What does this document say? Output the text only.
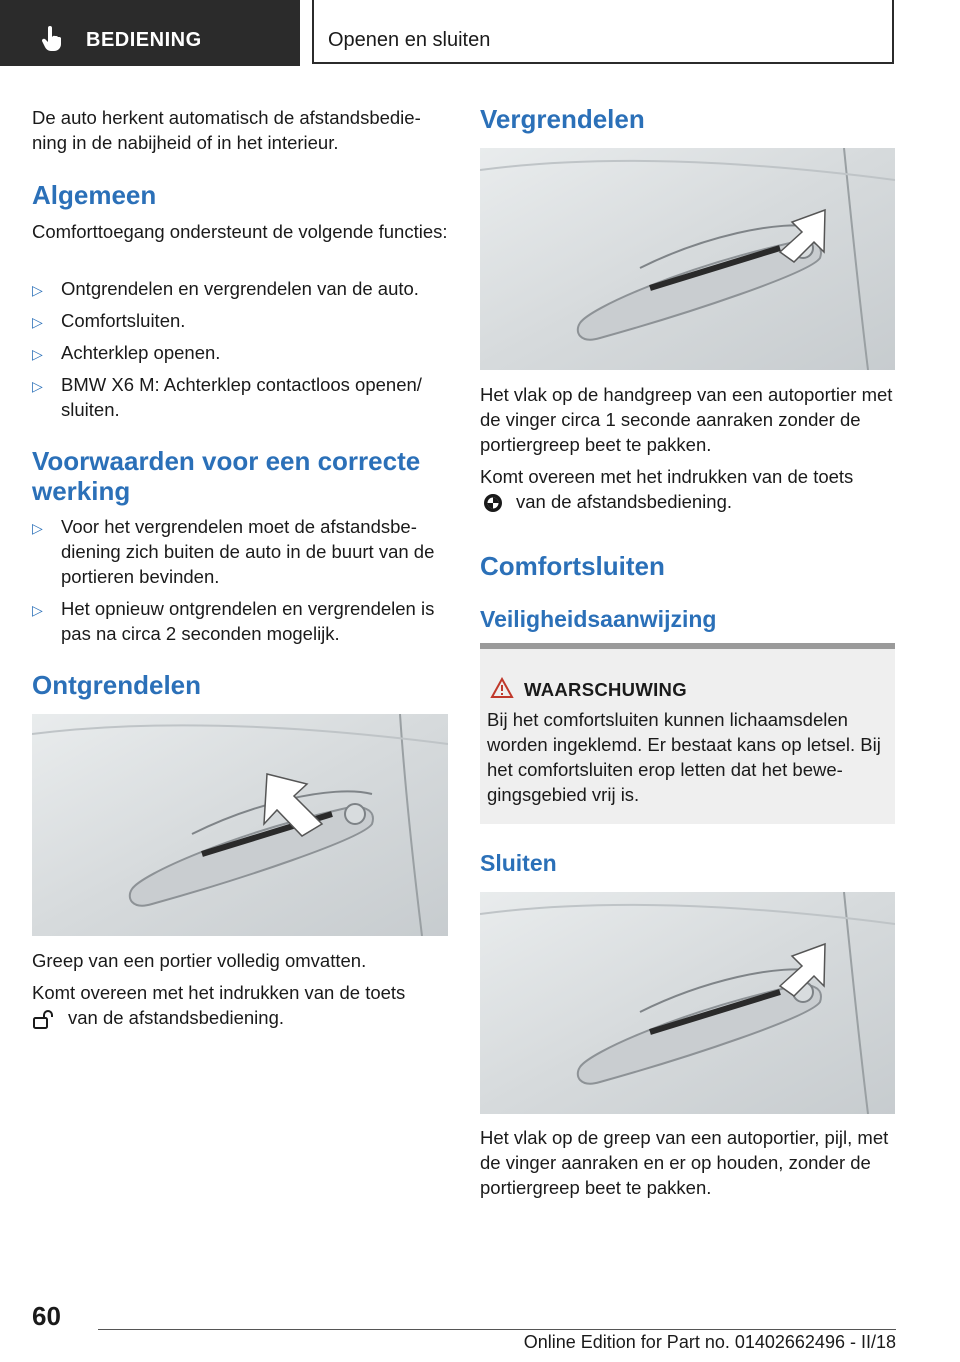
BEDIENING	Openen en sluiten

De auto herkent automatisch de afstandsbediening in de nabijheid of in het interieur.

Algemeen

Comforttoegang ondersteunt de volgende functies:

▷ Ontgrendelen en vergrendelen van de auto.
▷ Comfortsluiten.
▷ Achterklep openen.
▷ BMW X6 M: Achterklep contactloos openen/ sluiten.
Voorwaarden voor een correcte werking
▷ Voor het vergrendelen moet de afstandsbediening zich buiten de auto in de buurt van de portieren bevinden.
▷ Het opnieuw ontgrendelen en vergrendelen is pas na circa 2 seconden mogelijk.
Ontgrendelen

Greep van een portier volledig omvatten.

Komt overeen met het indrukken van de toets
van de afstandsbediening.

Vergrendelen

Het vlak op de handgreep van een autoportier met de vinger circa 1 seconde aanraken zonder de portiergreep beet te pakken.

Komt overeen met het indrukken van de toets
van de afstandsbediening.

Comfortsluiten
Veiligheidsaanwijzing
WAARSCHUWING
Bij het comfortsluiten kunnen lichaamsdelen worden ingeklemd. Er bestaat kans op letsel. Bij het comfortsluiten erop letten dat het bewegingsgebied vrij is.
Sluiten

Het vlak op de greep van een autoportier, pijl, met de vinger aanraken en er op houden, zonder de portiergreep beet te pakken.

60
Online Edition for Part no. 01402662496 - II/18
